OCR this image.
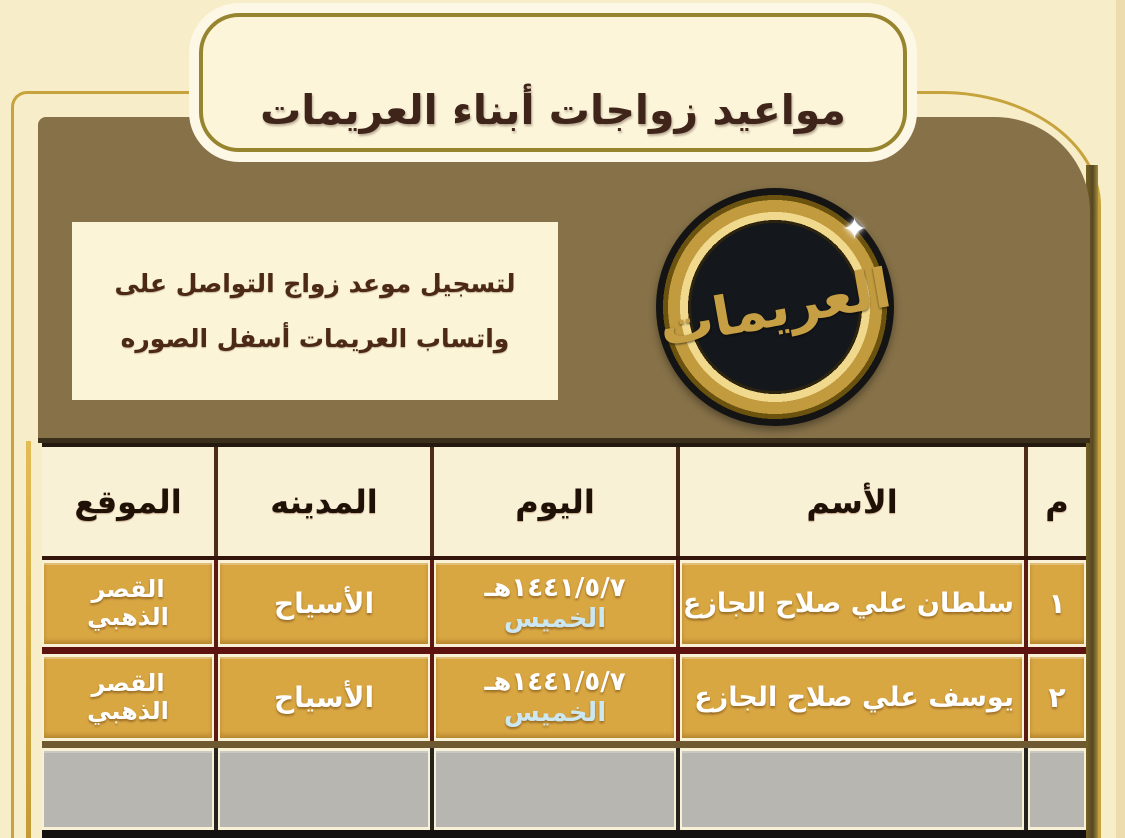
مواعيد زواجات أبناء العريمات
لتسجيل موعد زواج التواصل على
واتساب العريمات أسفل الصوره	العريمات
✦
م
الأسم
اليوم
المدينه
الموقع
١
سلطان علي صلاح الجازع
١٤٤١/٥/٧هـ
الخميس
الأسياح
القصر الذهبي
٢
يوسف علي صلاح الجازع
١٤٤١/٥/٧هـ
الخميس
الأسياح
القصر الذهبي
